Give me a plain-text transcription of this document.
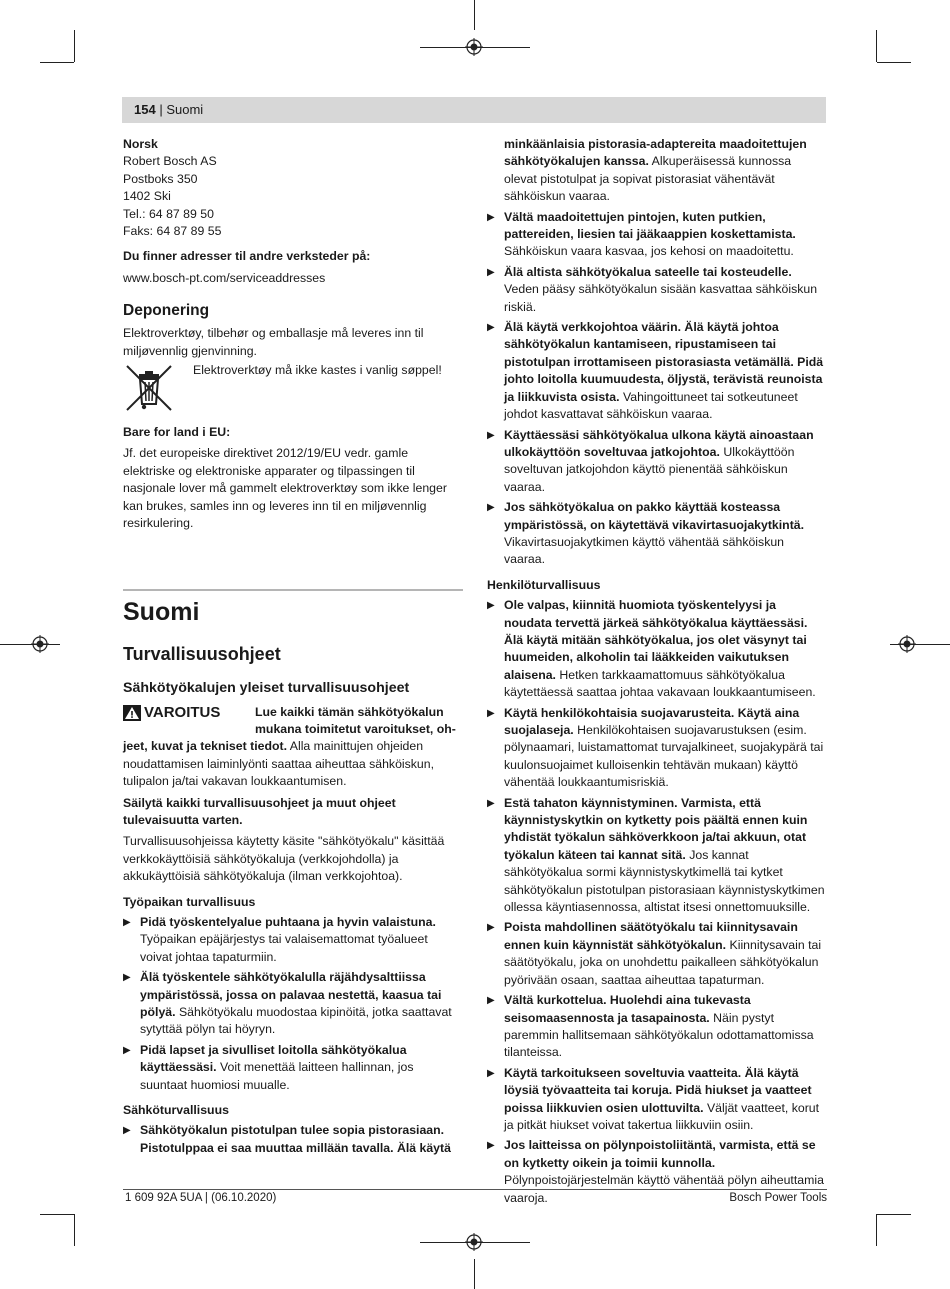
154 | Suomi
Norsk
Robert Bosch AS
Postboks 350
1402 Ski
Tel.: 64 87 89 50
Faks: 64 87 89 55
Du finner adresser til andre verksteder på:
www.bosch-pt.com/serviceaddresses
Deponering
Elektroverktøy, tilbehør og emballasje må leveres inn til miljøvennlig gjenvinning.
Elektroverktøy må ikke kastes i vanlig søppel!
Bare for land i EU:
Jf. det europeiske direktivet 2012/19/EU vedr. gamle elektriske og elektroniske apparater og tilpassingen til nasjonale lover må gammelt elektroverktøy som ikke lenger kan brukes, samles inn og leveres inn til en miljøvennlig resirkulering.
Suomi
Turvallisuusohjeet
Sähkötyökalujen yleiset turvallisuusohjeet
VAROITUS	Lue kaikki tämän sähkötyökalun mukana toimitetut varoitukset, oh-
jeet, kuvat ja tekniset tiedot. Alla mainittujen ohjeiden noudattamisen laiminlyönti saattaa aiheuttaa sähköiskun, tulipalon ja/tai vakavan loukkaantumisen.
Säilytä kaikki turvallisuusohjeet ja muut ohjeet tulevaisuutta varten.
Turvallisuusohjeissa käytetty käsite "sähkötyökalu" käsittää verkkokäyttöisiä sähkötyökaluja (verkkojohdolla) ja akkukäyttöisiä sähkötyökaluja (ilman verkkojohtoa).
Työpaikan turvallisuus
▶ Pidä työskentelyalue puhtaana ja hyvin valaistuna. Työpaikan epäjärjestys tai valaisemattomat työalueet voivat johtaa tapaturmiin.
▶ Älä työskentele sähkötyökalulla räjähdysalttiissa ympäristössä, jossa on palavaa nestettä, kaasua tai pölyä. Sähkötyökalu muodostaa kipinöitä, jotka saattavat sytyttää pölyn tai höyryn.
▶ Pidä lapset ja sivulliset loitolla sähkötyökalua käyttäessäsi. Voit menettää laitteen hallinnan, jos suuntaat huomiosi muualle.
Sähköturvallisuus
▶ Sähkötyökalun pistotulpan tulee sopia pistorasiaan. Pistotulppaa ei saa muuttaa millään tavalla. Älä käytä
minkäänlaisia pistorasia-adaptereita maadoitettujen sähkötyökalujen kanssa. Alkuperäisessä kunnossa olevat pistotulpat ja sopivat pistorasiat vähentävät sähköiskun vaaraa.
▶ Vältä maadoitettujen pintojen, kuten putkien, pattereiden, liesien tai jääkaappien koskettamista. Sähköiskun vaara kasvaa, jos kehosi on maadoitettu.
▶ Älä altista sähkötyökalua sateelle tai kosteudelle. Veden pääsy sähkötyökalun sisään kasvattaa sähköiskun riskiä.
▶ Älä käytä verkkojohtoa väärin. Älä käytä johtoa sähkötyökalun kantamiseen, ripustamiseen tai pistotulpan irrottamiseen pistorasiasta vetämällä. Pidä johto loitolla kuumuudesta, öljystä, terävistä reunoista ja liikkuvista osista. Vahingoittuneet tai sotkeutuneet johdot kasvattavat sähköiskun vaaraa.
▶ Käyttäessäsi sähkötyökalua ulkona käytä ainoastaan ulkokäyttöön soveltuvaa jatkojohtoa. Ulkokäyttöön soveltuvan jatkojohdon käyttö pienentää sähköiskun vaaraa.
▶ Jos sähkötyökalua on pakko käyttää kosteassa ympäristössä, on käytettävä vikavirtasuojakytkintä. Vikavirtasuojakytkimen käyttö vähentää sähköiskun vaaraa.
Henkilöturvallisuus
▶ Ole valpas, kiinnitä huomiota työskentelyysi ja noudata tervettä järkeä sähkötyökalua käyttäessäsi. Älä käytä mitään sähkötyökalua, jos olet väsynyt tai huumeiden, alkoholin tai lääkkeiden vaikutuksen alaisena. Hetken tarkkaamattomuus sähkötyökalua käytettäessä saattaa johtaa vakavaan loukkaantumiseen.
▶ Käytä henkilökohtaisia suojavarusteita. Käytä aina suojalaseja. Henkilökohtaisen suojavarustuksen (esim. pölynaamari, luistamattomat turvajalkineet, suojakypärä tai kuulonsuojaimet kulloisenkin tehtävän mukaan) käyttö vähentää loukkaantumisriskiä.
▶ Estä tahaton käynnistyminen. Varmista, että käynnistyskytkin on kytketty pois päältä ennen kuin yhdistät työkalun sähköverkkoon ja/tai akkuun, otat työkalun käteen tai kannat sitä. Jos kannat sähkötyökalua sormi käynnistyskytkimellä tai kytket sähkötyökalun pistotulpan pistorasiaan käynnistyskytkimen ollessa käyntiasennossa, altistat itsesi onnettomuuksille.
▶ Poista mahdollinen säätötyökalu tai kiinnitysavain ennen kuin käynnistät sähkötyökalun. Kiinnitysavain tai säätötyökalu, joka on unohdettu paikalleen sähkötyökalun pyörivään osaan, saattaa aiheuttaa tapaturman.
▶ Vältä kurkottelua. Huolehdi aina tukevasta seisomaasennosta ja tasapainosta. Näin pystyt paremmin hallitsemaan sähkötyökalun odottamattomissa tilanteissa.
▶ Käytä tarkoitukseen soveltuvia vaatteita. Älä käytä löysiä työvaatteita tai koruja. Pidä hiukset ja vaatteet poissa liikkuvien osien ulottuvilta. Väljät vaatteet, korut ja pitkät hiukset voivat takertua liikkuviin osiin.
▶ Jos laitteissa on pölynpoistoliitäntä, varmista, että se on kytketty oikein ja toimii kunnolla. Pölynpoistojärjestelmän käyttö vähentää pölyn aiheuttamia vaaroja.
1 609 92A 5UA | (06.10.2020)	Bosch Power Tools
